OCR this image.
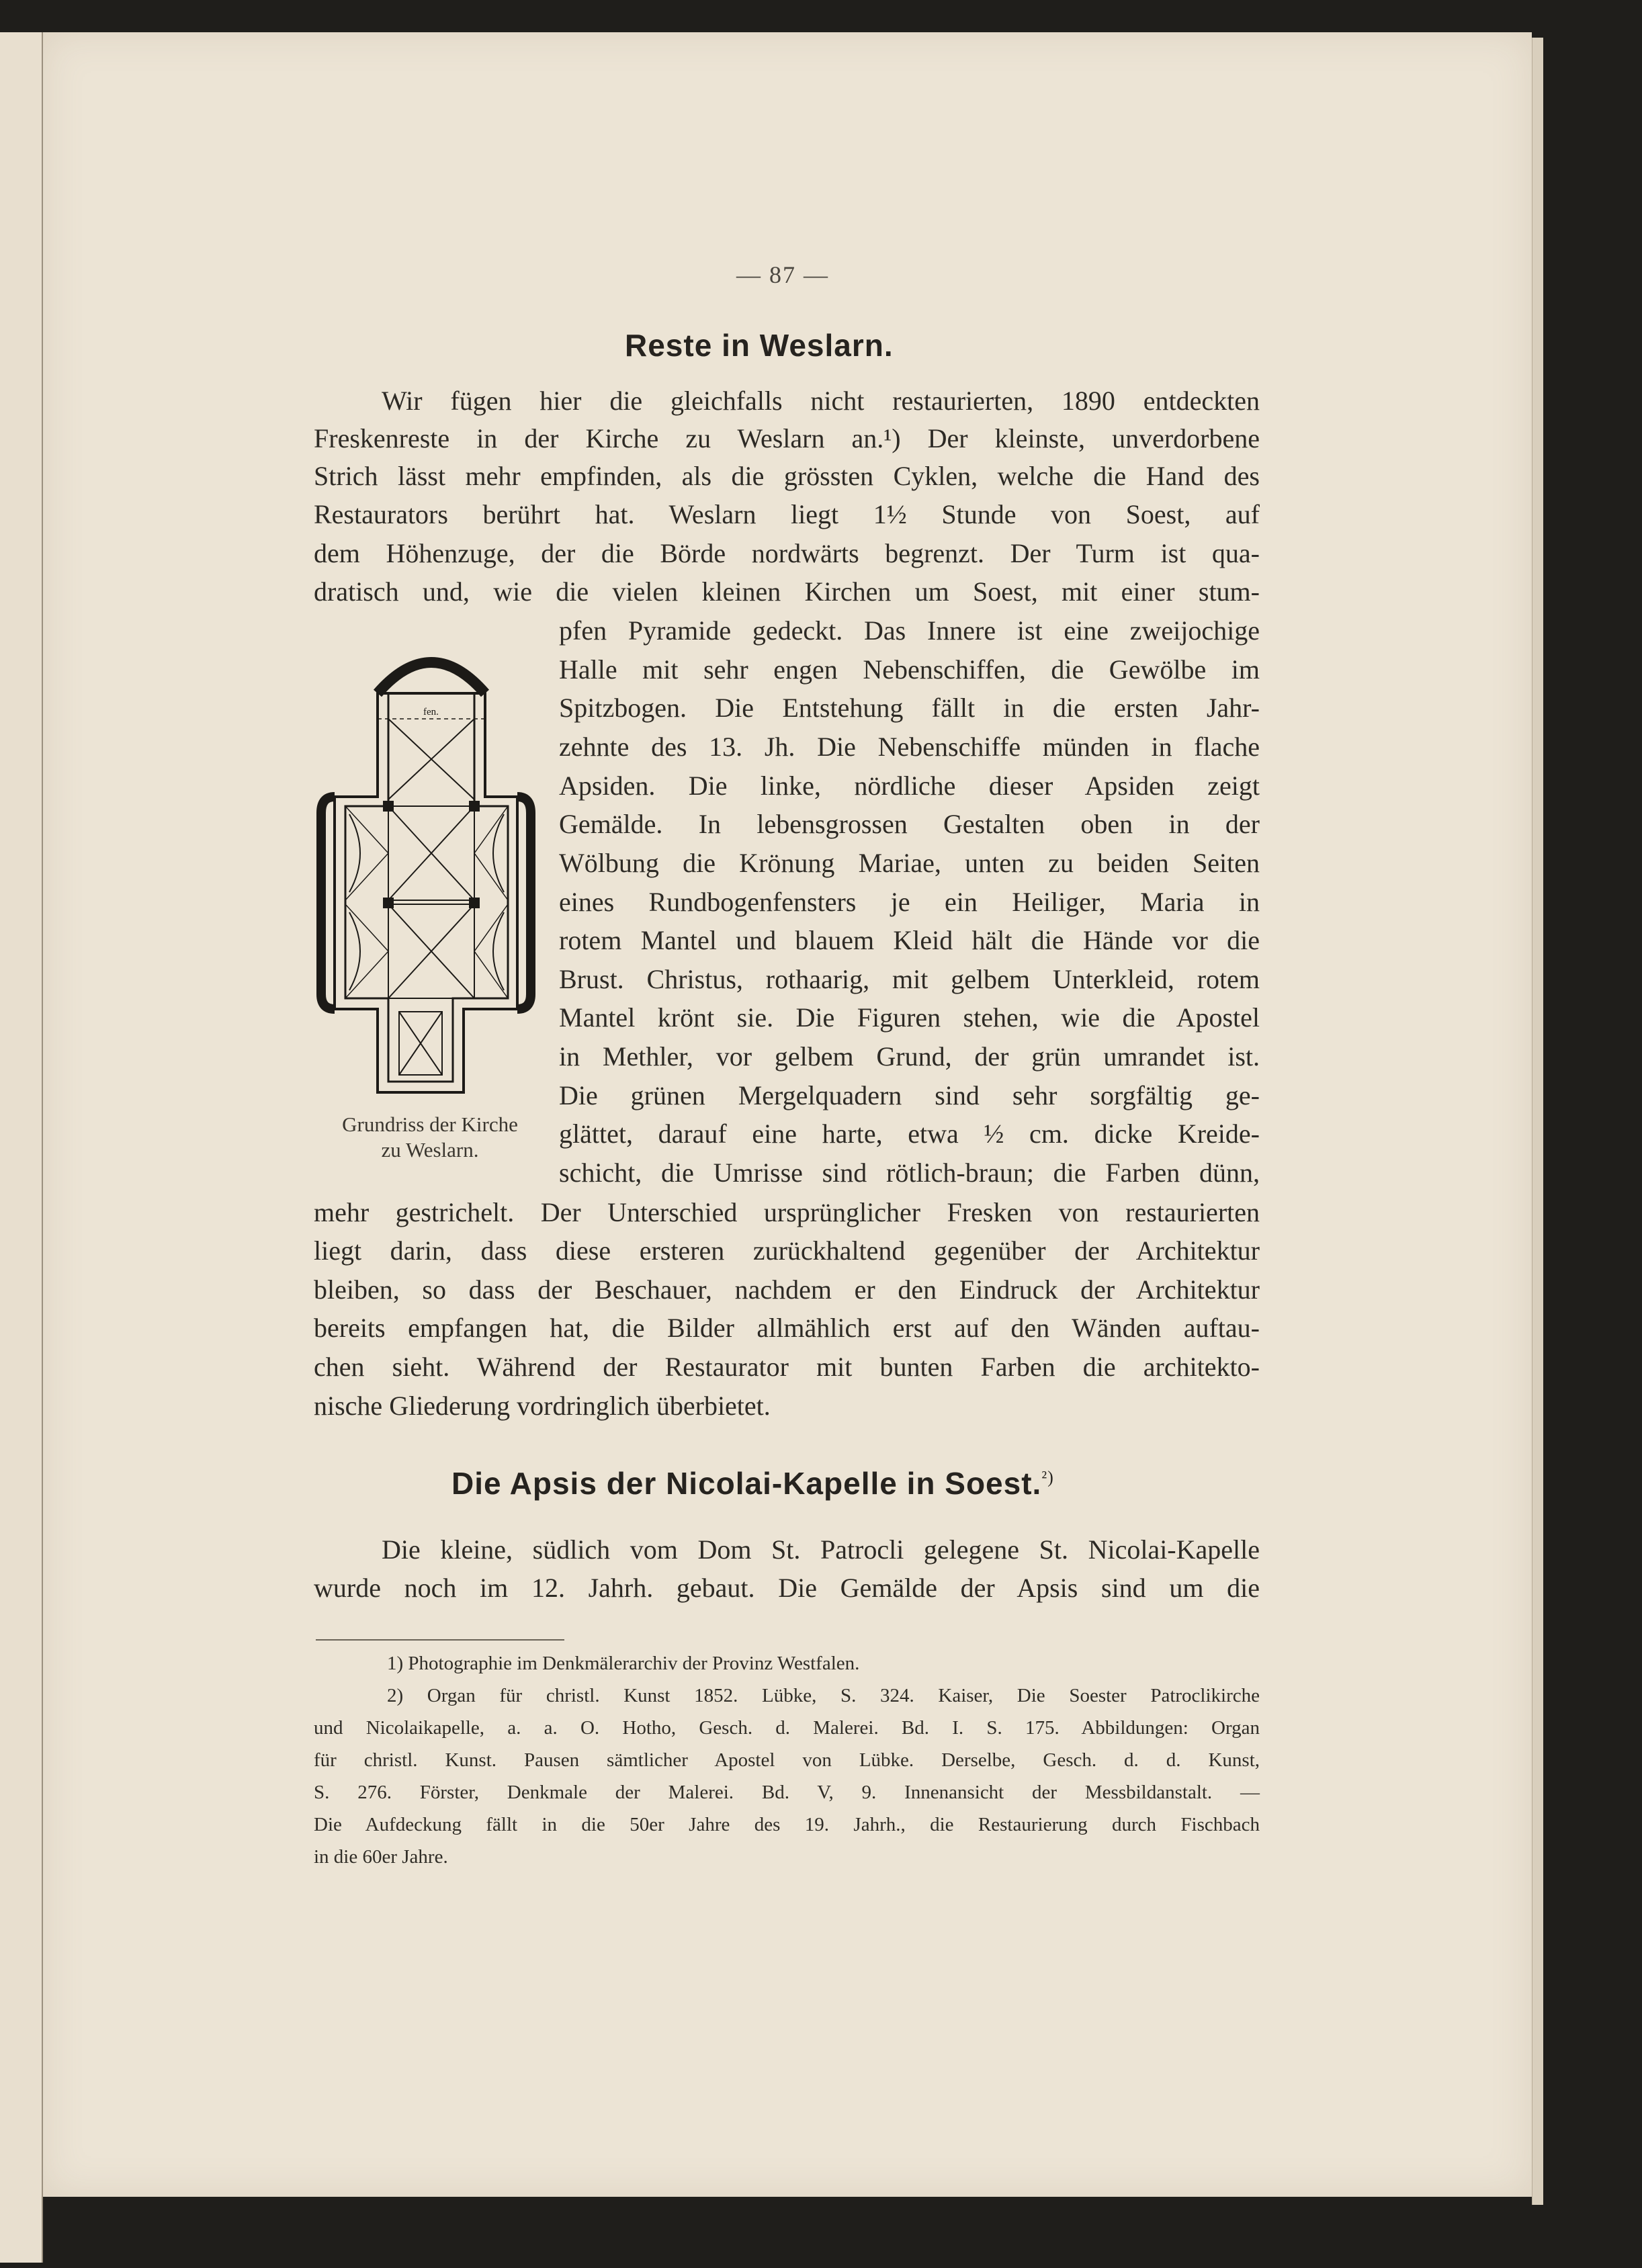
— 87 —
Reste in Weslarn.
Wir fügen hier die gleichfalls nicht restaurierten, 1890 entdeckten
Freskenreste in der Kirche zu Weslarn an.¹) Der kleinste, unverdorbene
Strich lässt mehr empfinden, als die grössten Cyklen, welche die Hand des
Restaurators berührt hat. Weslarn liegt 1½ Stunde von Soest, auf
dem Höhenzuge, der die Börde nordwärts begrenzt. Der Turm ist qua-
dratisch und, wie die vielen kleinen Kirchen um Soest, mit einer stum-
pfen Pyramide gedeckt. Das Innere ist eine zweijochige
Halle mit sehr engen Nebenschiffen, die Gewölbe im
Spitzbogen. Die Entstehung fällt in die ersten Jahr-
zehnte des 13. Jh. Die Nebenschiffe münden in flache
Apsiden. Die linke, nördliche dieser Apsiden zeigt
Gemälde. In lebensgrossen Gestalten oben in der
Wölbung die Krönung Mariae, unten zu beiden Seiten
eines Rundbogenfensters je ein Heiliger, Maria in
rotem Mantel und blauem Kleid hält die Hände vor die
Brust. Christus, rothaarig, mit gelbem Unterkleid, rotem
Mantel krönt sie. Die Figuren stehen, wie die Apostel
in Methler, vor gelbem Grund, der grün umrandet ist.
Die grünen Mergelquadern sind sehr sorgfältig ge-
glättet, darauf eine harte, etwa ½ cm. dicke Kreide-
schicht, die Umrisse sind rötlich-braun; die Farben dünn,
mehr gestrichelt. Der Unterschied ursprünglicher Fresken von restaurierten
liegt darin, dass diese ersteren zurückhaltend gegenüber der Architektur
bleiben, so dass der Beschauer, nachdem er den Eindruck der Architektur
bereits empfangen hat, die Bilder allmählich erst auf den Wänden auftau-
chen sieht. Während der Restaurator mit bunten Farben die architekto-
nische Gliederung vordringlich überbietet.
fen.
Grundriss der Kirche
zu Weslarn.
Die Apsis der Nicolai-Kapelle in Soest.$^{^2)}$
Die kleine, südlich vom Dom St. Patrocli gelegene St. Nicolai-Kapelle
wurde noch im 12. Jahrh. gebaut. Die Gemälde der Apsis sind um die
1) Photographie im Denkmälerarchiv der Provinz Westfalen.
2) Organ für christl. Kunst 1852. Lübke, S. 324. Kaiser, Die Soester Patroclikirche
und Nicolaikapelle, a. a. O. Hotho, Gesch. d. Malerei. Bd. I. S. 175. Abbildungen: Organ
für christl. Kunst. Pausen sämtlicher Apostel von Lübke. Derselbe, Gesch. d. d. Kunst,
S. 276. Förster, Denkmale der Malerei. Bd. V, 9. Innenansicht der Messbildanstalt. —
Die Aufdeckung fällt in die 50er Jahre des 19. Jahrh., die Restaurierung durch Fischbach
in die 60er Jahre.
